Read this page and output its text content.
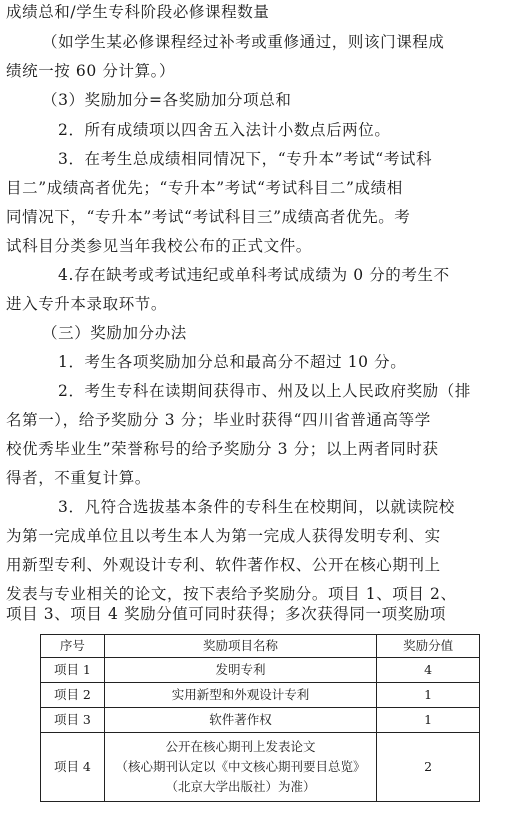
成绩总和/学生专科阶段必修课程数量
（如学生某必修课程经过补考或重修通过，则该门课程成
绩统一按 60 分计算。）
（3）奖励加分=各奖励加分项总和
2．所有成绩项以四舍五入法计小数点后两位。
3．在考生总成绩相同情况下，“专升本”考试“考试科
目二”成绩高者优先；“专升本”考试“考试科目二”成绩相
同情况下，“专升本”考试“考试科目三”成绩高者优先。考
试科目分类参见当年我校公布的正式文件。
4.存在缺考或考试违纪或单科考试成绩为 0 分的考生不
进入专升本录取环节。
（三）奖励加分办法
1．考生各项奖励加分总和最高分不超过 10 分。
2．考生专科在读期间获得市、州及以上人民政府奖励（排
名第一），给予奖励分 3 分；毕业时获得“四川省普通高等学
校优秀毕业生”荣誉称号的给予奖励分 3 分；以上两者同时获
得者，不重复计算。
3．凡符合选拔基本条件的专科生在校期间，以就读院校
为第一完成单位且以考生本人为第一完成人获得发明专利、实
用新型专利、外观设计专利、软件著作权、公开在核心期刊上
发表与专业相关的论文，按下表给予奖励分。项目 1、项目 2、
项目 3、项目 4 奖励分值可同时获得；多次获得同一项奖励项
序号	奖励项目名称	奖励分值
项目 1	发明专利	4
项目 2	实用新型和外观设计专利	1
项目 3	软件著作权	1
项目 4	公开在核心期刊上发表论文
（核心期刊认定以《中文核心期刊要目总览》
（北京大学出版社）为准）	2
